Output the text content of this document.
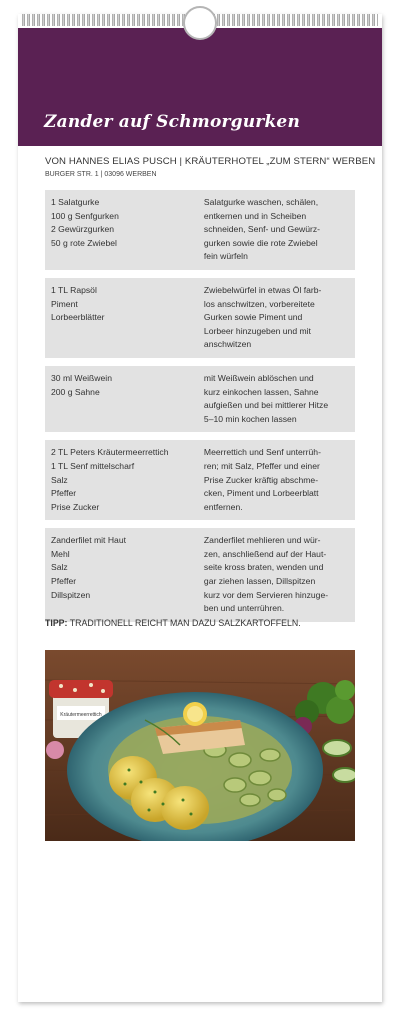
Zander auf Schmorgurken
VON HANNES ELIAS PUSCH | KRÄUTERHOTEL „ZUM STERN“ WERBEN
BURGER STR. 1 | 03096 WERBEN
1 Salatgurke
100 g Senfgurken
2 Gewürzgurken
50 g rote Zwiebel
Salatgurke waschen, schälen,
entkernen und in Scheiben
schneiden, Senf- und Gewürz-
gurken sowie die rote Zwiebel
fein würfeln
1 TL Rapsöl
Piment
Lorbeerblätter
Zwiebelwürfel in etwas Öl farb-
los anschwitzen, vorbereitete
Gurken sowie Piment und
Lorbeer hinzugeben und mit
anschwitzen
30 ml Weißwein
200 g Sahne
mit Weißwein ablöschen und
kurz einkochen lassen, Sahne
aufgießen und bei mittlerer Hitze
5–10 min kochen lassen
2 TL Peters Kräutermeerrettich
1 TL Senf mittelscharf
Salz
Pfeffer
Prise Zucker
Meerrettich und Senf unterrüh-
ren; mit Salz, Pfeffer und einer
Prise Zucker kräftig abschme-
cken, Piment und Lorbeerblatt
entfernen.
Zanderfilet mit Haut
Mehl
Salz
Pfeffer
Dillspitzen
Zanderfilet mehlieren und wür-
zen, anschließend auf der Haut-
seite kross braten, wenden und
gar ziehen lassen, Dillspitzen
kurz vor dem Servieren hinzuge-
ben und unterrühren.
TIPP: TRADITIONELL REICHT MAN DAZU SALZKARTOFFELN.
Kräutermeerrettich
